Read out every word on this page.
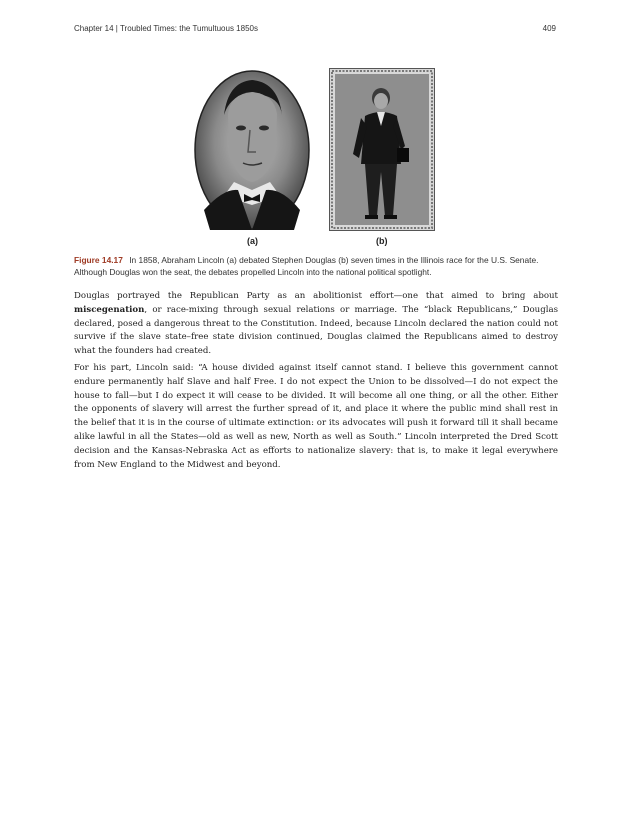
Chapter 14 | Troubled Times: the Tumultuous 1850s	409
(a)	(b)
Figure 14.17 In 1858, Abraham Lincoln (a) debated Stephen Douglas (b) seven times in the Illinois race for the U.S. Senate. Although Douglas won the seat, the debates propelled Lincoln into the national political spotlight.

Douglas portrayed the Republican Party as an abolitionist effort—one that aimed to bring about miscegenation, or race-mixing through sexual relations or marriage. The “black Republicans,” Douglas declared, posed a dangerous threat to the Constitution. Indeed, because Lincoln declared the nation could not survive if the slave state–free state division continued, Douglas claimed the Republicans aimed to destroy what the founders had created.

For his part, Lincoln said: “A house divided against itself cannot stand. I believe this government cannot endure permanently half Slave and half Free. I do not expect the Union to be dissolved—I do not expect the house to fall—but I do expect it will cease to be divided. It will become all one thing, or all the other. Either the opponents of slavery will arrest the further spread of it, and place it where the public mind shall rest in the belief that it is in the course of ultimate extinction: or its advocates will push it forward till it shall became alike lawful in all the States—old as well as new, North as well as South.” Lincoln interpreted the Dred Scott decision and the Kansas-Nebraska Act as efforts to nationalize slavery: that is, to make it legal everywhere from New England to the Midwest and beyond.
